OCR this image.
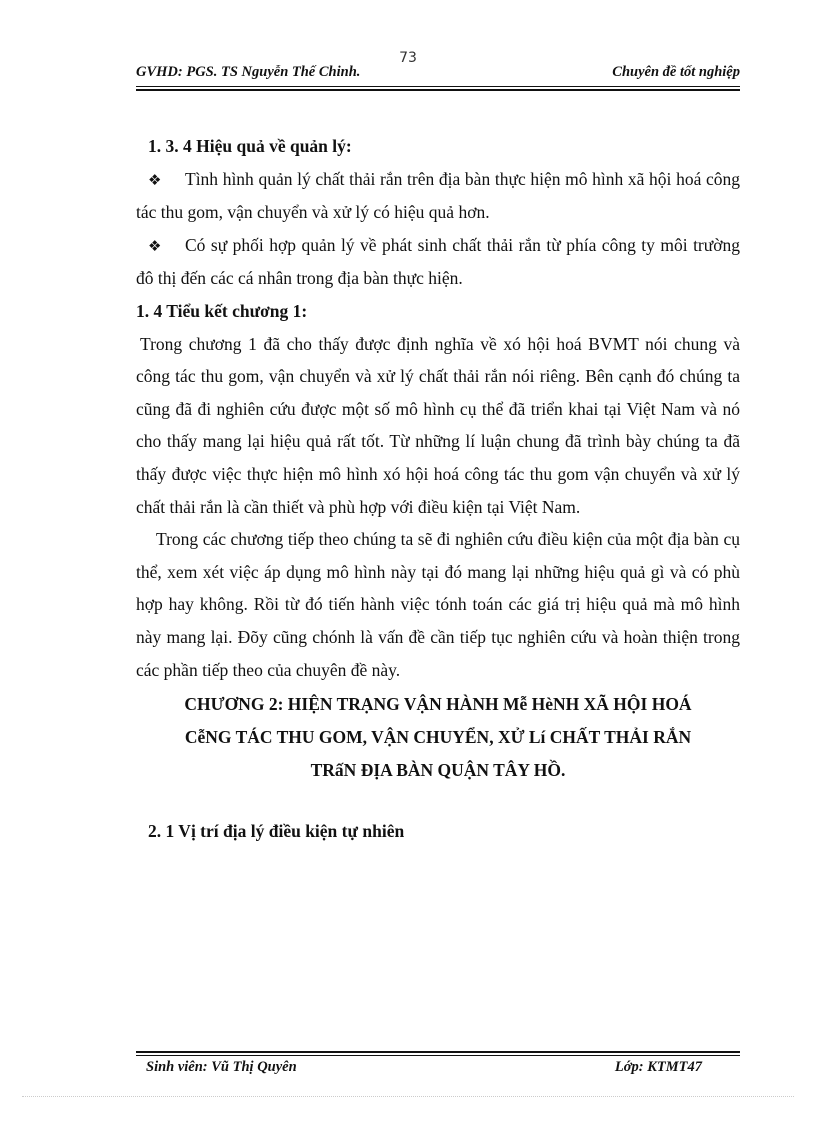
73
GVHD: PGS. TS Nguyễn Thế Chinh.	Chuyên đề tốt nghiệp

1. 3. 4 Hiệu quả về quản lý:

❖ Tình hình quản lý chất thải rắn trên địa bàn thực hiện mô hình xã hội hoá công tác thu gom, vận chuyển và xử lý có hiệu quả hơn.

❖ Có sự phối hợp quản lý về phát sinh chất thải rắn từ phía công ty môi trường đô thị đến các cá nhân trong địa bàn thực hiện.

1. 4 Tiểu kết chương 1:

Trong chương 1 đã cho thấy được định nghĩa về xó hội hoá BVMT nói chung và công tác thu gom, vận chuyển và xử lý chất thải rắn nói riêng. Bên cạnh đó chúng ta cũng đã đi nghiên cứu được một số mô hình cụ thể đã triển khai tại Việt Nam và nó cho thấy mang lại hiệu quả rất tốt. Từ những lí luận chung đã trình bày chúng ta đã thấy được việc thực hiện mô hình xó hội hoá công tác thu gom vận chuyển và xử lý chất thải rắn là cần thiết và phù hợp với điều kiện tại Việt Nam.

Trong các chương tiếp theo chúng ta sẽ đi nghiên cứu điều kiện của một địa bàn cụ thể, xem xét việc áp dụng mô hình này tại đó mang lại những hiệu quả gì và có phù hợp hay không. Rồi từ đó tiến hành việc tónh toán các giá trị hiệu quả mà mô hình này mang lại. Đõy cũng chónh là vấn đề cần tiếp tục nghiên cứu và hoàn thiện trong các phần tiếp theo của chuyên đề này.

CHƯƠNG 2: HIỆN TRẠNG VẬN HÀNH Mễ HèNH XÃ HỘI HOÁ
CễNG TÁC THU GOM, VẬN CHUYỂN, XỬ Lí CHẤT THẢI RẮN
TRấN ĐỊA BÀN QUẬN TÂY HỒ.

2. 1 Vị trí địa lý điều kiện tự nhiên

Sinh viên: Vũ Thị Quyên	Lớp: KTMT47
